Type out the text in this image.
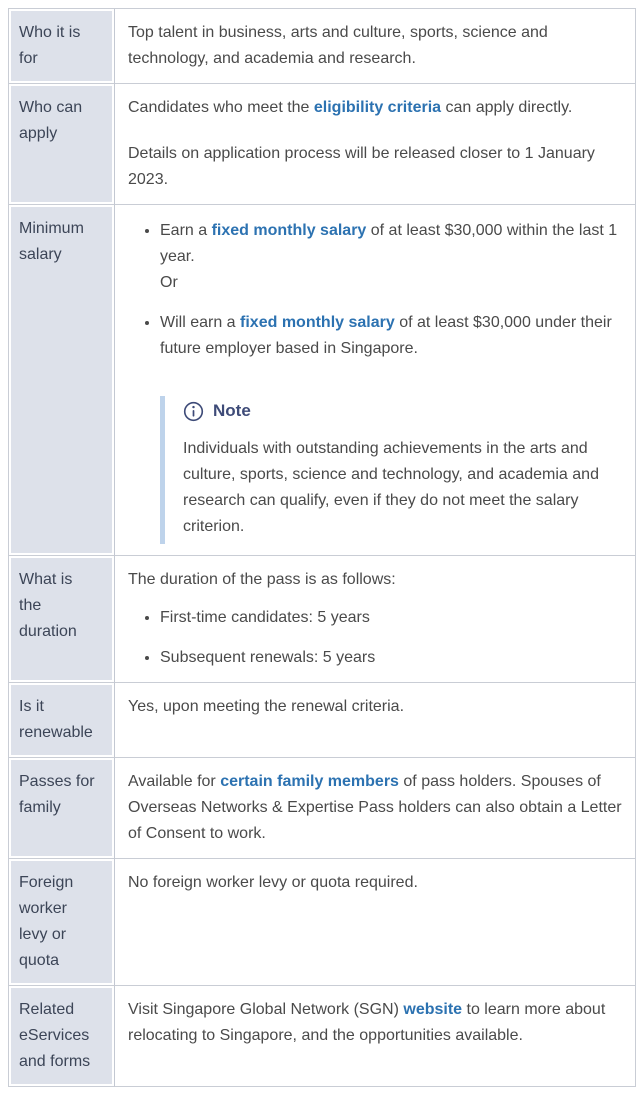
Who it is for

Top talent in business, arts and culture, sports, science and technology, and academia and research.

Who can apply

Candidates who meet the eligibility criteria can apply directly.

Details on application process will be released closer to 1 January 2023.

Minimum salary
• Earn a fixed monthly salary of at least $30,000 within the last 1 year.
Or
• Will earn a fixed monthly salary of at least $30,000 under their future employer based in Singapore.
Note

Individuals with outstanding achievements in the arts and culture, sports, science and technology, and academia and research can qualify, even if they do not meet the salary criterion.

What is the duration

The duration of the pass is as follows:

• First-time candidates: 5 years
• Subsequent renewals: 5 years
Is it renewable

Yes, upon meeting the renewal criteria.

Passes for family

Available for certain family members of pass holders. Spouses of Overseas Networks & Expertise Pass holders can also obtain a Letter of Consent to work.

Foreign worker levy or quota

No foreign worker levy or quota required.

Related eServices and forms

Visit Singapore Global Network (SGN) website to learn more about relocating to Singapore, and the opportunities available.
